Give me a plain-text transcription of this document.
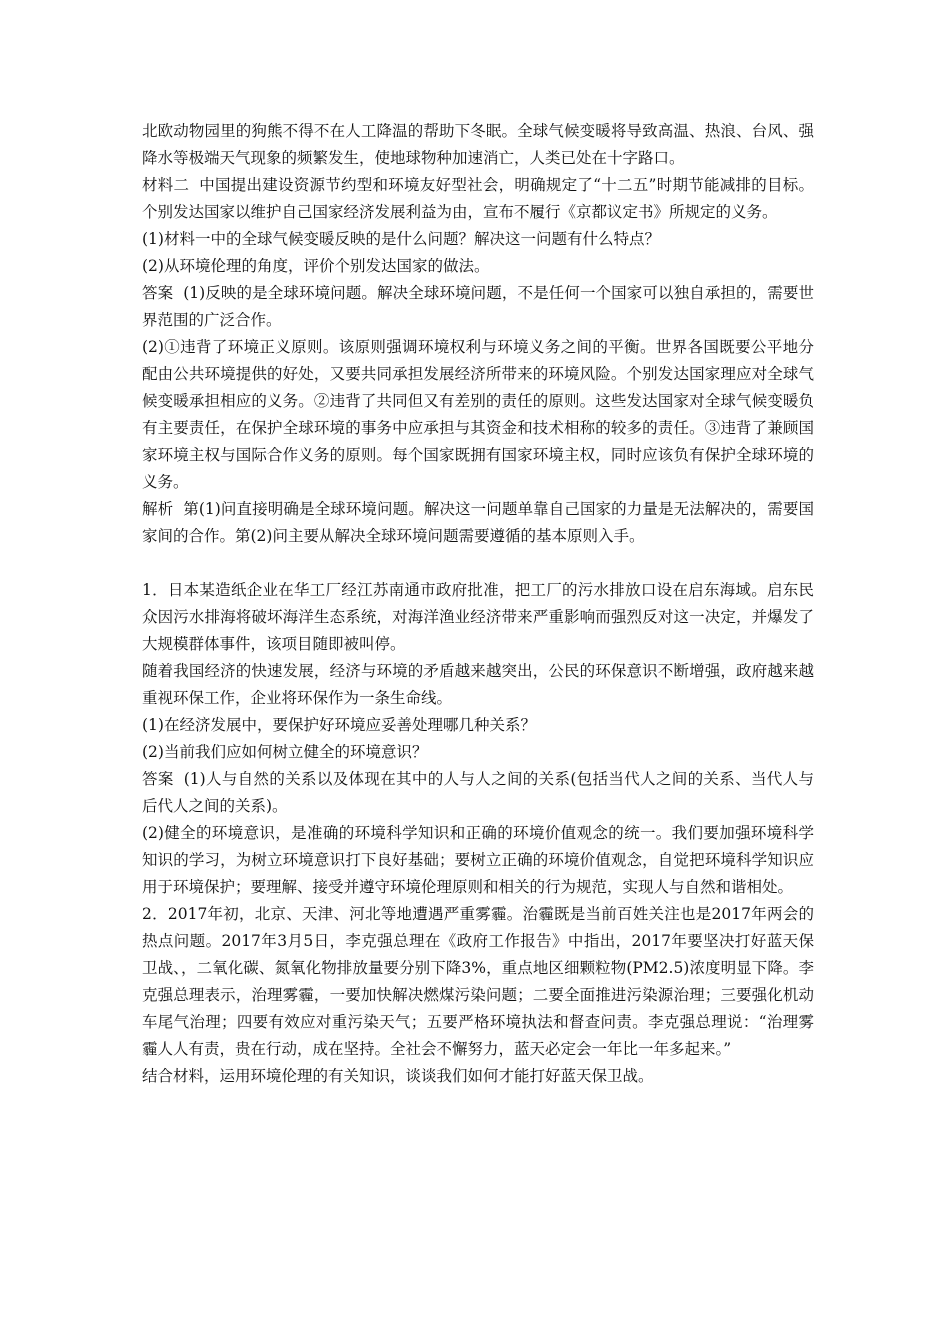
北欧动物园里的狗熊不得不在人工降温的帮助下冬眠。全球气候变暖将导致高温、热浪、台风、强降水等极端天气现象的频繁发生，使地球物种加速消亡，人类已处在十字路口。

材料二 中国提出建设资源节约型和环境友好型社会，明确规定了“十二五”时期节能减排的目标。个别发达国家以维护自己国家经济发展利益为由，宣布不履行《京都议定书》所规定的义务。

(1)材料一中的全球气候变暖反映的是什么问题？解决这一问题有什么特点？

(2)从环境伦理的角度，评价个别发达国家的做法。

答案 (1)反映的是全球环境问题。解决全球环境问题，不是任何一个国家可以独自承担的，需要世界范围的广泛合作。

(2)①违背了环境正义原则。该原则强调环境权利与环境义务之间的平衡。世界各国既要公平地分配由公共环境提供的好处，又要共同承担发展经济所带来的环境风险。个别发达国家理应对全球气候变暖承担相应的义务。②违背了共同但又有差别的责任的原则。这些发达国家对全球气候变暖负有主要责任，在保护全球环境的事务中应承担与其资金和技术相称的较多的责任。③违背了兼顾国家环境主权与国际合作义务的原则。每个国家既拥有国家环境主权，同时应该负有保护全球环境的义务。

解析 第(1)问直接明确是全球环境问题。解决这一问题单靠自己国家的力量是无法解决的，需要国家间的合作。第(2)问主要从解决全球环境问题需要遵循的基本原则入手。

1．日本某造纸企业在华工厂经江苏南通市政府批准，把工厂的污水排放口设在启东海域。启东民众因污水排海将破坏海洋生态系统，对海洋渔业经济带来严重影响而强烈反对这一决定，并爆发了大规模群体事件，该项目随即被叫停。

随着我国经济的快速发展，经济与环境的矛盾越来越突出，公民的环保意识不断增强，政府越来越重视环保工作，企业将环保作为一条生命线。

(1)在经济发展中，要保护好环境应妥善处理哪几种关系？

(2)当前我们应如何树立健全的环境意识？

答案 (1)人与自然的关系以及体现在其中的人与人之间的关系(包括当代人之间的关系、当代人与后代人之间的关系)。

(2)健全的环境意识，是准确的环境科学知识和正确的环境价值观念的统一。我们要加强环境科学知识的学习，为树立环境意识打下良好基础；要树立正确的环境价值观念，自觉把环境科学知识应用于环境保护；要理解、接受并遵守环境伦理原则和相关的行为规范，实现人与自然和谐相处。

2．2017年初，北京、天津、河北等地遭遇严重雾霾。治霾既是当前百姓关注也是2017年两会的热点问题。2017年3月5日，李克强总理在《政府工作报告》中指出，2017年要坚决打好蓝天保卫战、，二氧化碳、氮氧化物排放量要分别下降3%，重点地区细颗粒物(PM2.5)浓度明显下降。李克强总理表示，治理雾霾，一要加快解决燃煤污染问题；二要全面推进污染源治理；三要强化机动车尾气治理；四要有效应对重污染天气；五要严格环境执法和督查问责。李克强总理说：“治理雾霾人人有责，贵在行动，成在坚持。全社会不懈努力，蓝天必定会一年比一年多起来。”

结合材料，运用环境伦理的有关知识，谈谈我们如何才能打好蓝天保卫战。
